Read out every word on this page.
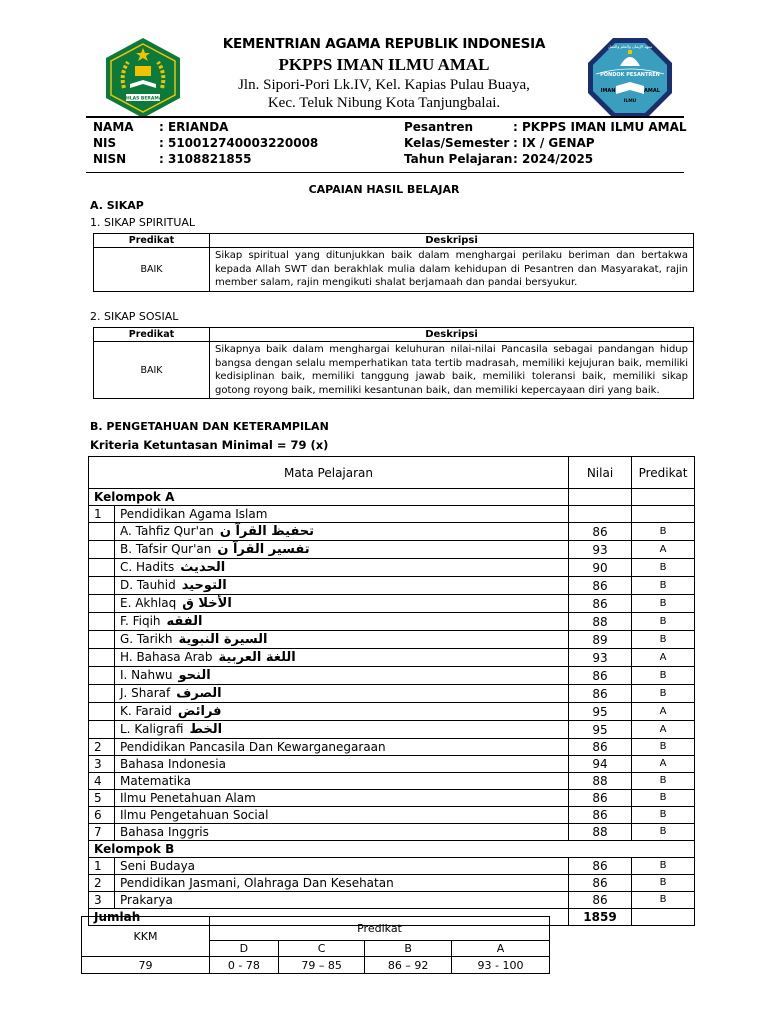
IKHLAS BERAMAL
KEMENTRIAN AGAMA REPUBLIK INDONESIA
PKPPS IMAN ILMU AMAL
Jln. Sipori-Pori Lk.IV, Kel. Kapias Pulau Buaya,
Kec. Teluk Nibung Kota Tanjungbalai.
معهد الإيمان والعلم والعمل
PONDOK PESANTREN
IMAN	AMAL
ILMU
NAMA	: ERIANDA
NIS	: 510012740003220008
NISN	: 3108821855
Pesantren	: PKPPS IMAN ILMU AMAL
Kelas/Semester : IX / GENAP
Tahun Pelajaran : 2024/2025
CAPAIAN HASIL BELAJAR
A. SIKAP
1. SIKAP SPIRITUAL
Predikat	Deskripsi
BAIK	Sikap spiritual yang ditunjukkan baik dalam menghargai perilaku beriman dan bertakwa kepada Allah SWT dan berakhlak mulia dalam kehidupan di Pesantren dan Masyarakat, rajin member salam, rajin mengikuti shalat berjamaah dan pandai bersyukur.
2. SIKAP SOSIAL
Predikat	Deskripsi
BAIK	Sikapnya baik dalam menghargai keluhuran nilai-nilai Pancasila sebagai pandangan hidup bangsa dengan selalu memperhatikan tata tertib madrasah, memiliki kejujuran baik, memiliki kedisiplinan baik, memiliki tanggung jawab baik, memiliki toleransi baik, memiliki sikap gotong royong baik, memiliki kesantunan baik, dan memiliki kepercayaan diri yang baik.
B. PENGETAHUAN DAN KETERAMPILAN
Kriteria Ketuntasan Minimal = 79 (x)
Mata Pelajaran		Nilai	Predikat
Kelompok A			
1	Pendidikan Agama Islam		
	A. Tahfiz Qur'an تحفيظ القرآ ن	86	B
	B. Tafsir Qur'an تفسير القرآ ن	93	A
	C. Hadits الحديث	90	B
	D. Tauhid التوحيد	86	B
	E. Akhlaq الأخلا ق	86	B
	F. Fiqih الفقه	88	B
	G. Tarikh السيرة النبوية	89	B
	H. Bahasa Arab اللغة العربية	93	A
	I. Nahwu النحو	86	B
	J. Sharaf الصرف	86	B
	K. Faraid فرائض	95	A
	L. Kaligrafi الخط	95	A
2	Pendidikan Pancasila Dan Kewarganegaraan	86	B
3	Bahasa Indonesia	94	A
4	Matematika	88	B
5	Ilmu Penetahuan Alam	86	B
6	Ilmu Pengetahuan Social	86	B
7	Bahasa Inggris	88	B
Kelompok B			
1	Seni Budaya	86	B
2	Pendidikan Jasmani, Olahraga Dan Kesehatan	86	B
3	Prakarya	86	B
Jumlah		1859	
KKM	Predikat			
	D	C	B	A
79	0 - 78	79 – 85	86 – 92	93 - 100
